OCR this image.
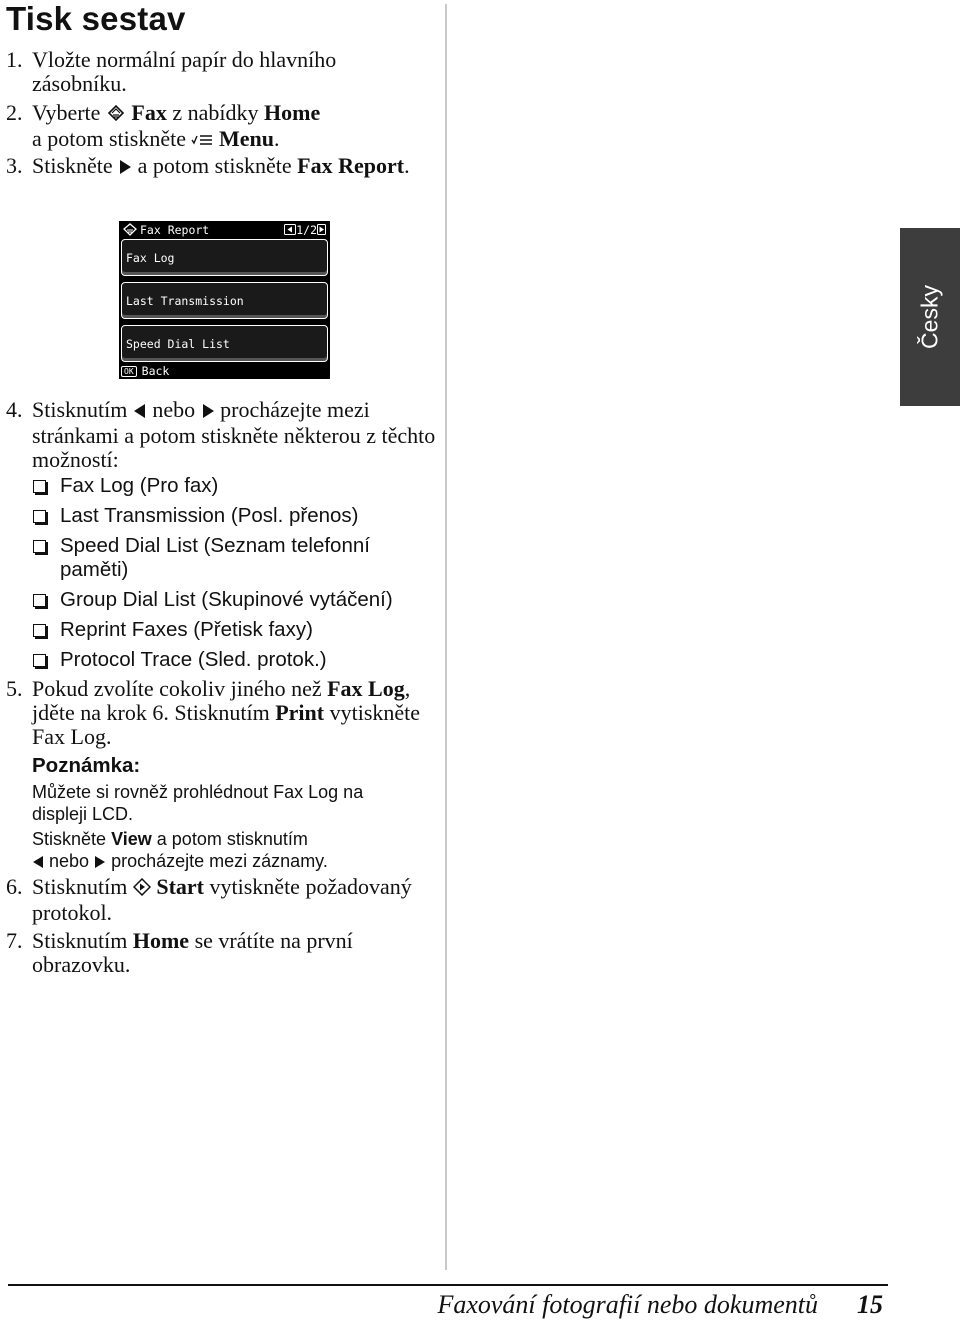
Tisk sestav
1. Vložte normální papír do hlavního zásobníku.
2. Vyberte Fax z nabídky Home
a potom stiskněte Menu.
3. Stiskněte a potom stiskněte Fax Report.
Fax Report	1/2
Fax Log
Last Transmission
Speed Dial List
OK Back
Česky
4. Stisknutím nebo procházejte mezi stránkami a potom stiskněte některou z těchto možností:
Fax Log (Pro fax)
Last Transmission (Posl. přenos)
Speed Dial List (Seznam telefonní paměti)
Group Dial List (Skupinové vytáčení)
Reprint Faxes (Přetisk faxy)
Protocol Trace (Sled. protok.)
5. Pokud zvolíte cokoliv jiného než Fax Log, jděte na krok 6. Stisknutím Print vytiskněte Fax Log.
Poznámka:
Můžete si rovněž prohlédnout Fax Log na displeji LCD.
Stiskněte View a potom stisknutím
nebo procházejte mezi záznamy.
6. Stisknutím Start vytiskněte požadovaný protokol.
7. Stisknutím Home se vrátíte na první obrazovku.
Faxování fotografií nebo dokumentů 15
